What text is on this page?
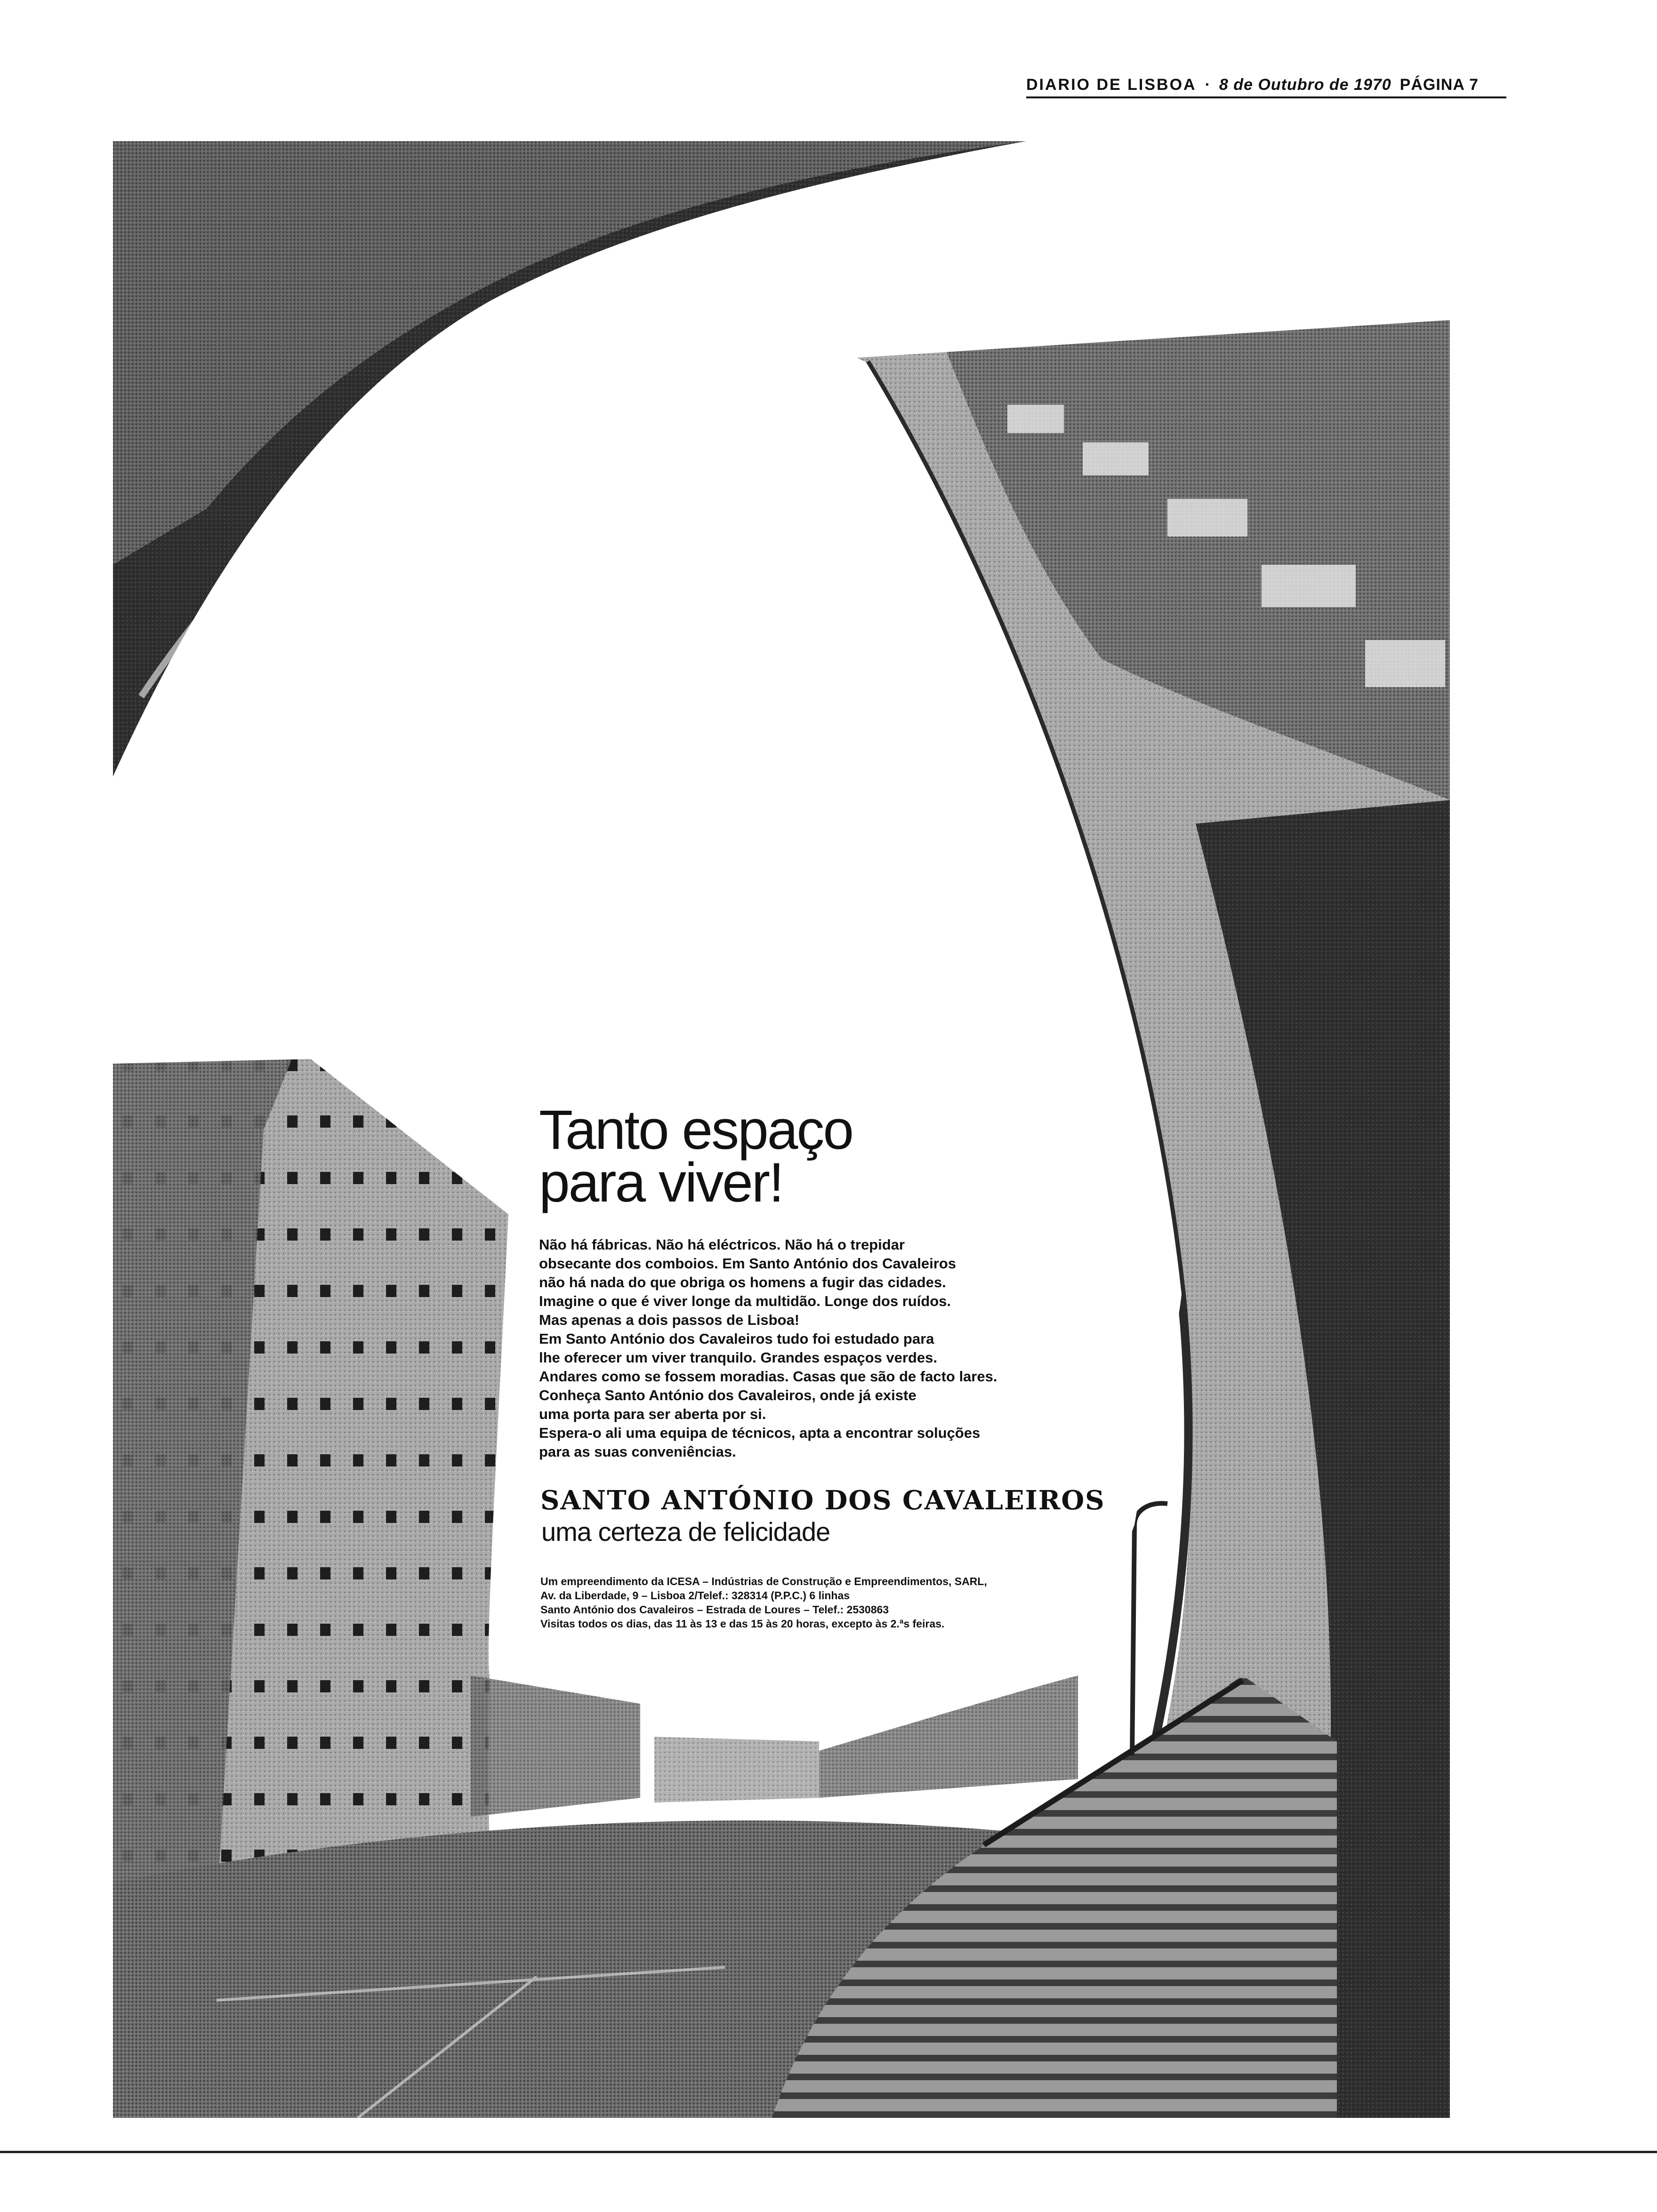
DIARIO DE LISBOA · 8 de Outubro de 1970 PÁGINA 7
Tanto espaço
para viver!
Não há fábricas. Não há eléctricos. Não há o trepidar
obsecante dos comboios. Em Santo António dos Cavaleiros
não há nada do que obriga os homens a fugir das cidades.
Imagine o que é viver longe da multidão. Longe dos ruídos.
Mas apenas a dois passos de Lisboa!
Em Santo António dos Cavaleiros tudo foi estudado para
lhe oferecer um viver tranquilo. Grandes espaços verdes.
Andares como se fossem moradias. Casas que são de facto lares.
Conheça Santo António dos Cavaleiros, onde já existe
uma porta para ser aberta por si.
Espera-o ali uma equipa de técnicos, apta a encontrar soluções
para as suas conveniências.
SANTO ANTÓNIO DOS CAVALEIROS
uma certeza de felicidade
Um empreendimento da ICESA – Indústrias de Construção e Empreendimentos, SARL,
Av. da Liberdade, 9 – Lisboa 2/Telef.: 328314 (P.P.C.) 6 linhas
Santo António dos Cavaleiros – Estrada de Loures – Telef.: 2530863
Visitas todos os dias, das 11 às 13 e das 15 às 20 horas, excepto às 2.ªs feiras.
